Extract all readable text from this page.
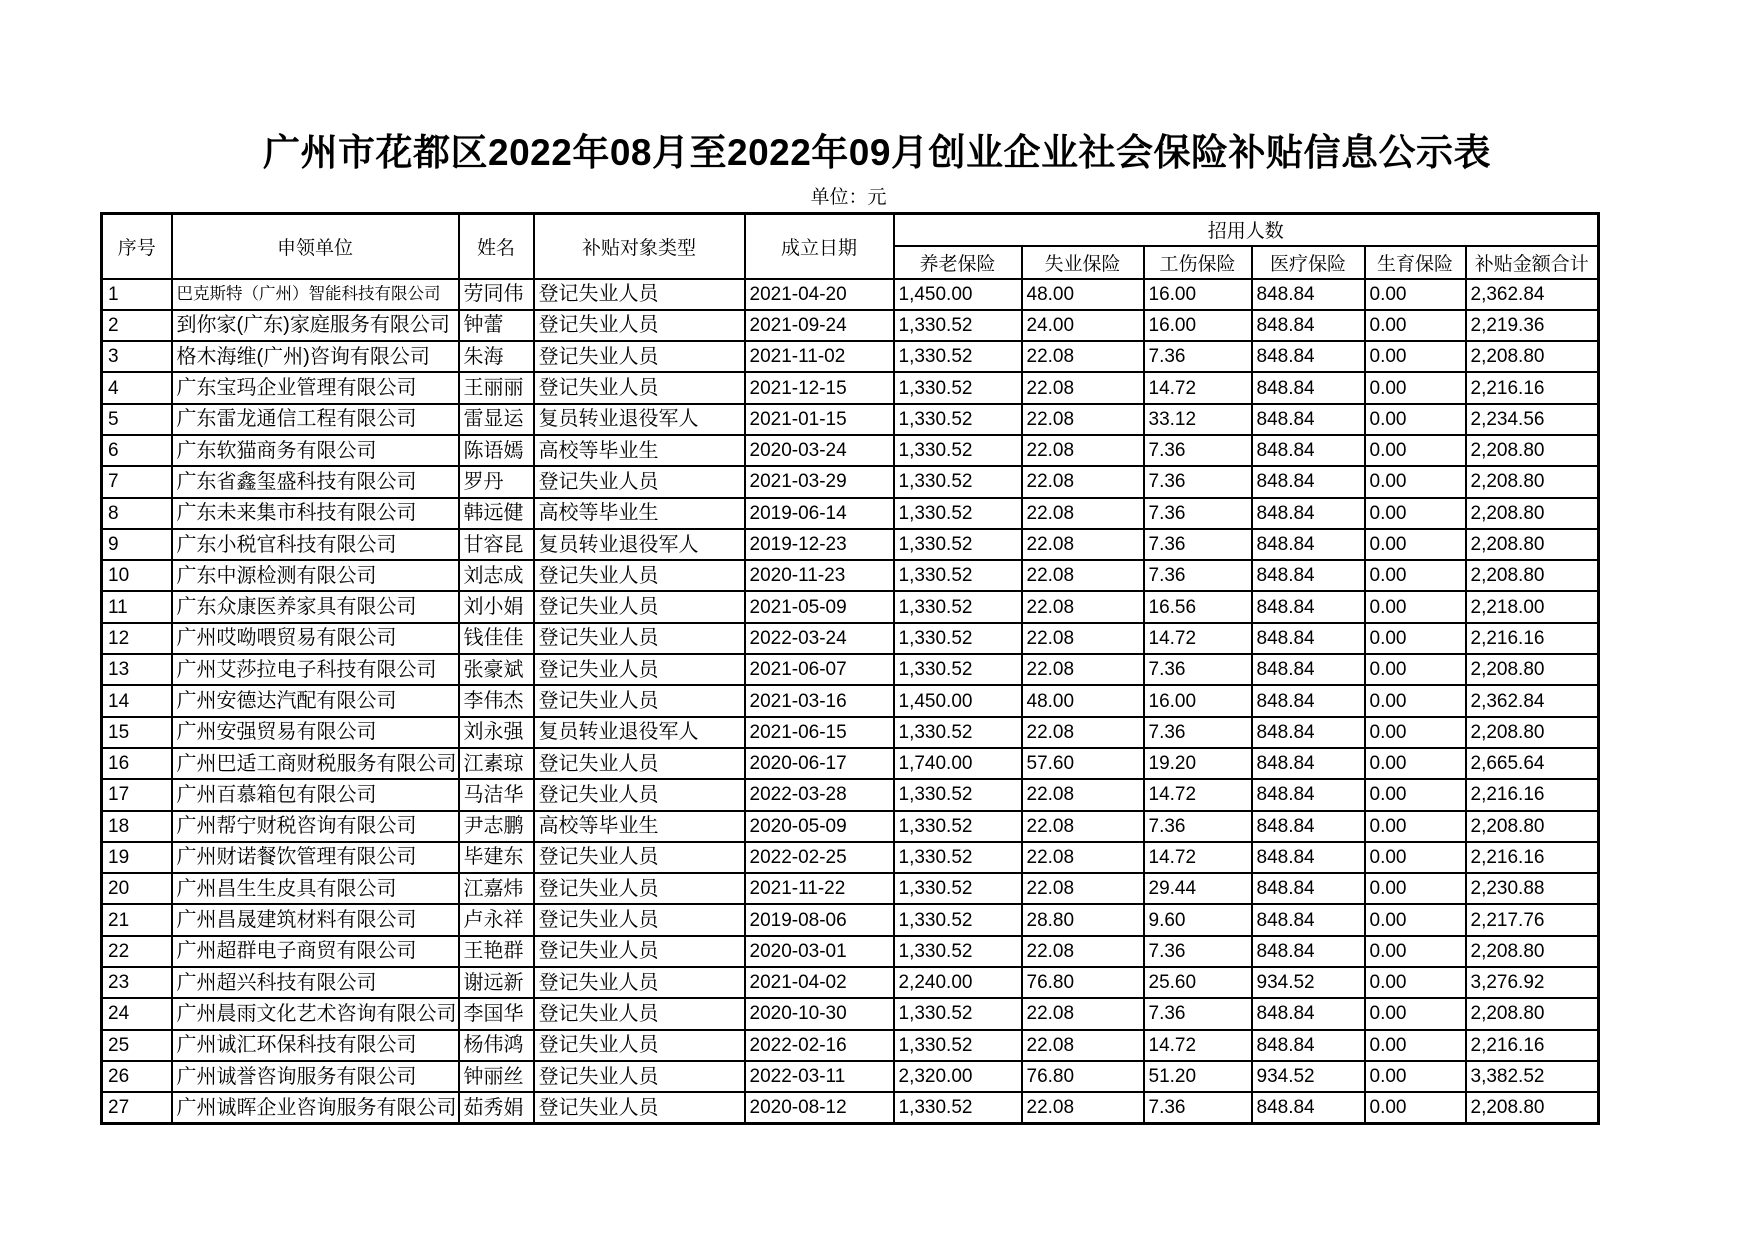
广州市花都区2022年08月至2022年09月创业企业社会保险补贴信息公示表
单位：元
序号	申领单位	姓名	补贴对象类型	成立日期	招用人数					
					养老保险	失业保险	工伤保险	医疗保险	生育保险	补贴金额合计
1	巴克斯特（广州）智能科技有限公司	劳同伟	登记失业人员	2021-04-20	1,450.00	48.00	16.00	848.84	0.00	2,362.84
2	到你家(广东)家庭服务有限公司	钟蕾	登记失业人员	2021-09-24	1,330.52	24.00	16.00	848.84	0.00	2,219.36
3	格木海维(广州)咨询有限公司	朱海	登记失业人员	2021-11-02	1,330.52	22.08	7.36	848.84	0.00	2,208.80
4	广东宝玛企业管理有限公司	王丽丽	登记失业人员	2021-12-15	1,330.52	22.08	14.72	848.84	0.00	2,216.16
5	广东雷龙通信工程有限公司	雷显运	复员转业退役军人	2021-01-15	1,330.52	22.08	33.12	848.84	0.00	2,234.56
6	广东软猫商务有限公司	陈语嫣	高校等毕业生	2020-03-24	1,330.52	22.08	7.36	848.84	0.00	2,208.80
7	广东省鑫玺盛科技有限公司	罗丹	登记失业人员	2021-03-29	1,330.52	22.08	7.36	848.84	0.00	2,208.80
8	广东未来集市科技有限公司	韩远健	高校等毕业生	2019-06-14	1,330.52	22.08	7.36	848.84	0.00	2,208.80
9	广东小税官科技有限公司	甘容昆	复员转业退役军人	2019-12-23	1,330.52	22.08	7.36	848.84	0.00	2,208.80
10	广东中源检测有限公司	刘志成	登记失业人员	2020-11-23	1,330.52	22.08	7.36	848.84	0.00	2,208.80
11	广东众康医养家具有限公司	刘小娟	登记失业人员	2021-05-09	1,330.52	22.08	16.56	848.84	0.00	2,218.00
12	广州哎呦喂贸易有限公司	钱佳佳	登记失业人员	2022-03-24	1,330.52	22.08	14.72	848.84	0.00	2,216.16
13	广州艾莎拉电子科技有限公司	张豪斌	登记失业人员	2021-06-07	1,330.52	22.08	7.36	848.84	0.00	2,208.80
14	广州安德达汽配有限公司	李伟杰	登记失业人员	2021-03-16	1,450.00	48.00	16.00	848.84	0.00	2,362.84
15	广州安强贸易有限公司	刘永强	复员转业退役军人	2021-06-15	1,330.52	22.08	7.36	848.84	0.00	2,208.80
16	广州巴适工商财税服务有限公司	江素琼	登记失业人员	2020-06-17	1,740.00	57.60	19.20	848.84	0.00	2,665.64
17	广州百慕箱包有限公司	马洁华	登记失业人员	2022-03-28	1,330.52	22.08	14.72	848.84	0.00	2,216.16
18	广州帮宁财税咨询有限公司	尹志鹏	高校等毕业生	2020-05-09	1,330.52	22.08	7.36	848.84	0.00	2,208.80
19	广州财诺餐饮管理有限公司	毕建东	登记失业人员	2022-02-25	1,330.52	22.08	14.72	848.84	0.00	2,216.16
20	广州昌生生皮具有限公司	江嘉炜	登记失业人员	2021-11-22	1,330.52	22.08	29.44	848.84	0.00	2,230.88
21	广州昌晟建筑材料有限公司	卢永祥	登记失业人员	2019-08-06	1,330.52	28.80	9.60	848.84	0.00	2,217.76
22	广州超群电子商贸有限公司	王艳群	登记失业人员	2020-03-01	1,330.52	22.08	7.36	848.84	0.00	2,208.80
23	广州超兴科技有限公司	谢远新	登记失业人员	2021-04-02	2,240.00	76.80	25.60	934.52	0.00	3,276.92
24	广州晨雨文化艺术咨询有限公司	李国华	登记失业人员	2020-10-30	1,330.52	22.08	7.36	848.84	0.00	2,208.80
25	广州诚汇环保科技有限公司	杨伟鸿	登记失业人员	2022-02-16	1,330.52	22.08	14.72	848.84	0.00	2,216.16
26	广州诚誉咨询服务有限公司	钟丽丝	登记失业人员	2022-03-11	2,320.00	76.80	51.20	934.52	0.00	3,382.52
27	广州诚晖企业咨询服务有限公司	茹秀娟	登记失业人员	2020-08-12	1,330.52	22.08	7.36	848.84	0.00	2,208.80
